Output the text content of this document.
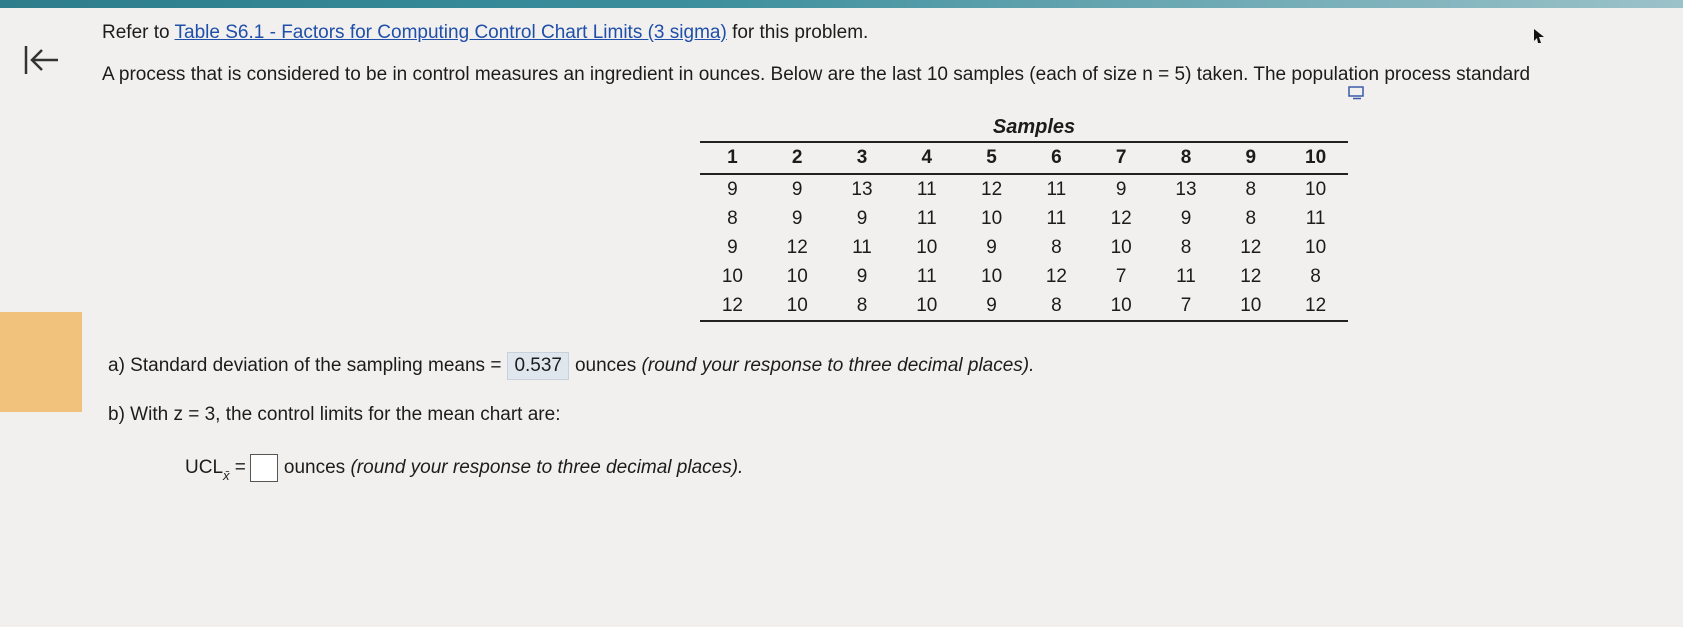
Refer to Table S6.1 - Factors for Computing Control Chart Limits (3 sigma) for this problem.
A process that is considered to be in control measures an ingredient in ounces. Below are the last 10 samples (each of size n = 5) taken. The population process standard
Samples
1	2	3	4	5	6	7	8	9	10
9	9	13	11	12	11	9	13	8	10
8	9	9	11	10	11	12	9	8	11
9	12	11	10	9	8	10	8	12	10
10	10	9	11	10	12	7	11	12	8
12	10	8	10	9	8	10	7	10	12
a) Standard deviation of the sampling means = 0.537 ounces (round your response to three decimal places).
b) With z = 3, the control limits for the mean chart are:
$UCL_{x̄}$ = ounces (round your response to three decimal places).
